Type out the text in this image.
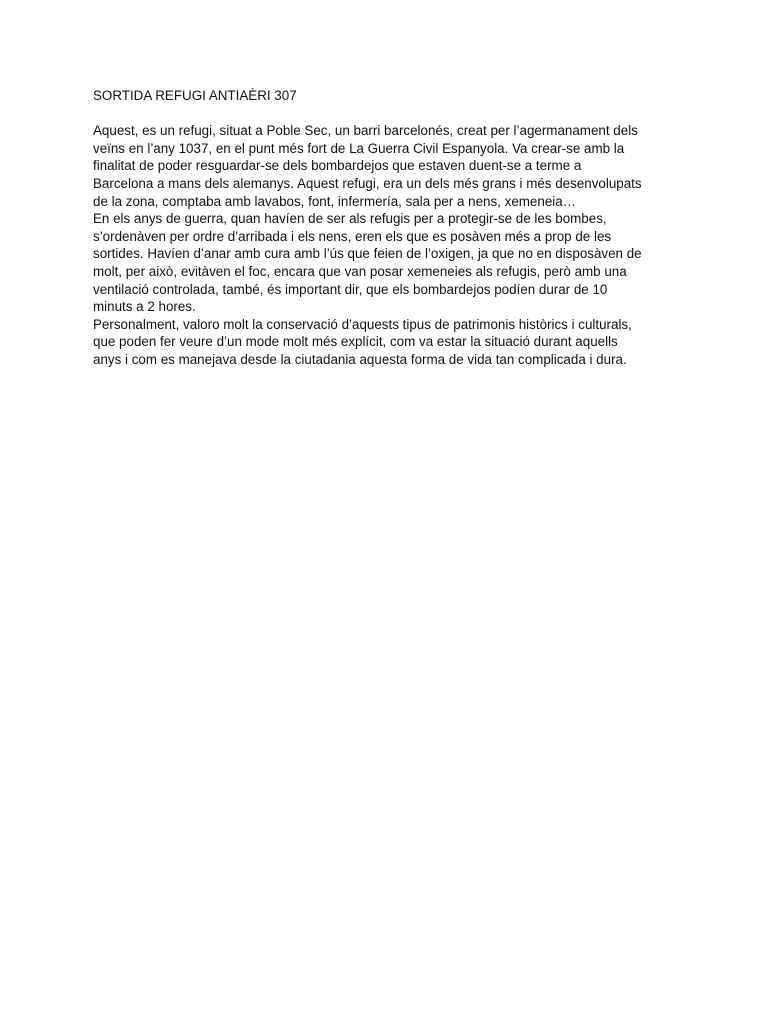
SORTIDA REFUGI ANTIAÈRI 307
Aquest, es un refugi, situat a Poble Sec, un barri barcelonés, creat per l’agermanament dels
veïns en l’any 1037, en el punt més fort de La Guerra Civil Espanyola. Va crear-se amb la
finalitat de poder resguardar-se dels bombardejos que estaven duent-se a terme a
Barcelona a mans dels alemanys. Aquest refugi, era un dels més grans i més desenvolupats
de la zona, comptaba amb lavabos, font, infermería, sala per a nens, xemeneia…
En els anys de guerra, quan havíen de ser als refugis per a protegir-se de les bombes,
s’ordenàven per ordre d’arribada i els nens, eren els que es posàven més a prop de les
sortides. Havíen d’anar amb cura amb l’ús que feien de l’oxigen, ja que no en disposàven de
molt, per això, evitàven el foc, encara que van posar xemeneies als refugis, però amb una
ventilació controlada, també, és important dir, que els bombardejos podíen durar de 10
minuts a 2 hores.
Personalment, valoro molt la conservació d’aquests tipus de patrimonis històrics i culturals,
que poden fer veure d’un mode molt més explícit, com va estar la situació durant aquells
anys i com es manejava desde la ciutadania aquesta forma de vida tan complicada i dura.
